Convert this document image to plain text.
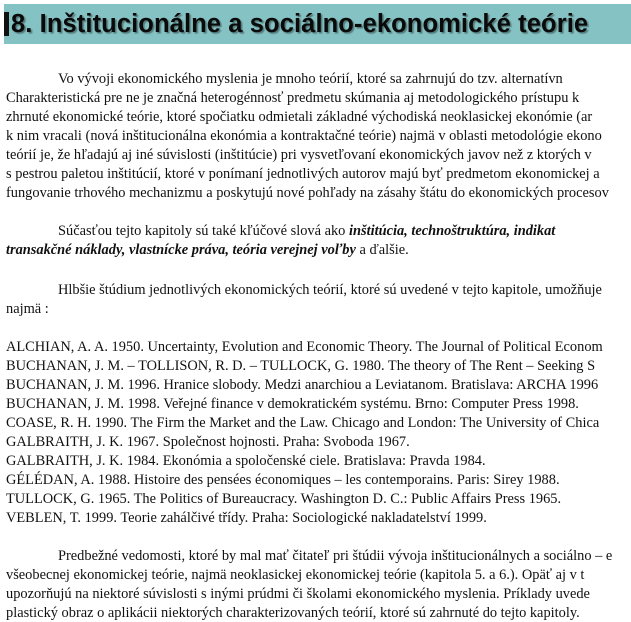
8. Inštitucionálne a sociálno-ekonomické teórie
Vo vývoji ekonomického myslenia je mnoho teórií, ktoré sa zahrnujú do tzv. alternatívn
Charakteristická pre ne je značná heterogénnosť predmetu skúmania aj metodologického prístupu k
zhrnuté ekonomické teórie, ktoré spočiatku odmietali základné východiská neoklasickej ekonómie (ar
k nim vracali (nová inštitucionálna ekonómia a kontraktačné teórie) najmä v oblasti metodológie ekono
teórií je, že hľadajú aj iné súvislosti (inštitúcie) pri vysvetľovaní ekonomických javov než z ktorých v
s pestrou paletou inštitúcií, ktoré v ponímaní jednotlivých autorov majú byť predmetom ekonomickej a
fungovanie trhového mechanizmu a poskytujú nové pohľady na zásahy štátu do ekonomických procesov
Súčasťou tejto kapitoly sú také kľúčové slová ako inštitúcia, technoštruktúra, indikat
transakčné náklady, vlastnícke práva, teória verejnej voľby a ďalšie.
Hlbšie štúdium jednotlivých ekonomických teórií, ktoré sú uvedené v tejto kapitole, umožňuje
najmä :
ALCHIAN, A. A. 1950. Uncertainty, Evolution and Economic Theory. The Journal of Political Econom
BUCHANAN, J. M. – TOLLISON, R. D. – TULLOCK, G. 1980. The theory of The Rent – Seeking S
BUCHANAN, J. M. 1996. Hranice slobody. Medzi anarchiou a Leviatanom. Bratislava: ARCHA 1996
BUCHANAN, J. M. 1998. Veřejné finance v demokratickém systému. Brno: Computer Press 1998.
COASE, R. H. 1990. The Firm the Market and the Law. Chicago and London: The University of Chica
GALBRAITH, J. K. 1967. Společnost hojnosti. Praha: Svoboda 1967.
GALBRAITH, J. K. 1984. Ekonómia a spoločenské ciele. Bratislava: Pravda 1984.
GÉLÉDAN, A. 1988. Histoire des pensées économiques – les contemporains. Paris: Sirey 1988.
TULLOCK, G. 1965. The Politics of Bureaucracy. Washington D. C.: Public Affairs Press 1965.
VEBLEN, T. 1999. Teorie zahálčivé třídy. Praha: Sociologické nakladatelství 1999.
Predbežné vedomosti, ktoré by mal mať čitateľ pri štúdii vývoja inštitucionálnych a sociálno – e
všeobecnej ekonomickej teórie, najmä neoklasickej ekonomickej teórie (kapitola 5. a 6.). Opäť aj v t
upozorňujú na niektoré súvislosti s inými prúdmi či školami ekonomického myslenia. Príklady uvede
plastický obraz o aplikácii niektorých charakterizovaných teórií, ktoré sú zahrnuté do tejto kapitoly.
